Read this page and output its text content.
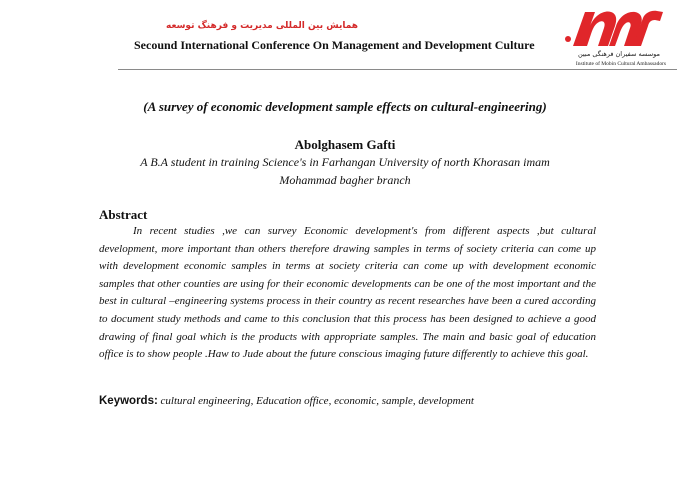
همایش بین المللی مدیریت و فرهنگ توسعه
Secound International Conference On Management and Development Culture
موسسه سفیران فرهنگی مبین
Institute of Mobin Cultural Ambassadors
(A survey of economic development sample effects on cultural-engineering)
Abolghasem Gafti
A B.A student in training Science's in Farhangan University of north Khorasan imam Mohammad bagher branch
Abstract

In recent studies ,we can survey Economic development's from different aspects ,but cultural development, more important than others therefore drawing samples in terms of society criteria can come up with development economic samples in terms at society criteria can come up with development economic samples that other counties are using for their economic developments can be one of the most important and the best in cultural –engineering systems process in their country as recent researches have been a cured according to document study methods and came to this conclusion that this process has been designed to achieve a good drawing of final goal which is the products with appropriate samples. The main and basic goal of education office is to show people .Haw to Jude about the future conscious imaging future differently to achieve this goal.

Keywords: cultural engineering, Education office, economic, sample, development
